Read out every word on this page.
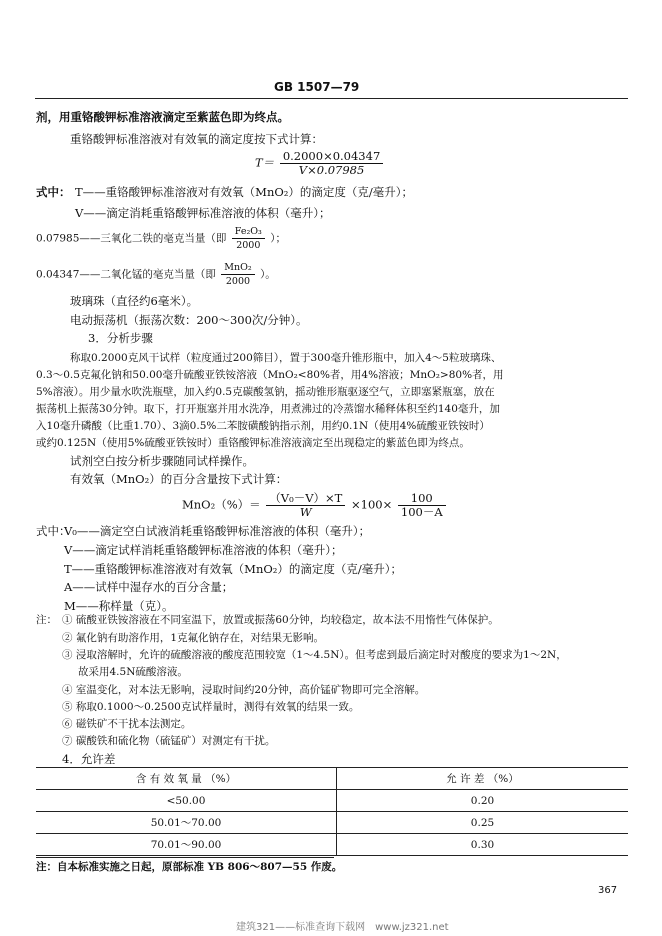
GB 1507—79
剂，用重铬酸钾标准溶液滴定至紫蓝色即为终点。
重铬酸钾标准溶液对有效氧的滴定度按下式计算：
$T= \frac{0.2000\times 0.04347}{V\times 0.07985}$
式中： T——重铬酸钾标准溶液对有效氧（MnO₂）的滴定度（克/毫升）；
V——滴定消耗重铬酸钾标准溶液的体积（毫升）；
0.07985——三氧化二铁的毫克当量（即 $\frac{\text{Fe₂O₃}}{2000}$ ）；
0.04347——二氧化锰的毫克当量（即 $\frac{\text{MnO₂}}{2000}$ ）。
玻璃珠（直径约6毫米）。
电动振荡机（振荡次数：200～300次/分钟）。
3．分析步骤
称取0.2000克风干试样（粒度通过200筛目），置于300毫升锥形瓶中，加入4～5粒玻璃珠、
0.3～0.5克氟化钠和50.00毫升硫酸亚铁铵溶液（MnO₂<80%者，用4%溶液；MnO₂>80%者，用
5%溶液）。用少量水吹洗瓶壁，加入约0.5克碳酸氢钠，摇动锥形瓶驱逐空气，立即塞紧瓶塞，放在
振荡机上振荡30分钟。取下，打开瓶塞并用水洗净，用煮沸过的冷蒸馏水稀释体积至约140毫升，加
入10毫升磷酸（比重1.70）、3滴0.5%二苯胺磺酸钠指示剂，用约0.1N（使用4%硫酸亚铁铵时）
或约0.125N（使用5%硫酸亚铁铵时）重铬酸钾标准溶液滴定至出现稳定的紫蓝色即为终点。
试剂空白按分析步骤随同试样操作。
有效氧（MnO₂）的百分含量按下式计算：
$MnO_2(\%)= \frac{\text{（V₀－V）×T}}{W} \times 100\times \frac{100}{100-A}$
式中：
V₀——滴定空白试液消耗重铬酸钾标准溶液的体积（毫升）；
V——滴定试样消耗重铬酸钾标准溶液的体积（毫升）；
T——重铬酸钾标准溶液对有效氧（MnO₂）的滴定度（克/毫升）；
A——试样中湿存水的百分含量；
M——称样量（克）。
注： ① 硫酸亚铁铵溶液在不同室温下，放置或振荡60分钟，均较稳定，故本法不用惰性气体保护。
② 氟化钠有助溶作用，1克氟化钠存在，对结果无影响。
③ 浸取溶解时，允许的硫酸溶液的酸度范围较宽（1～4.5N）。但考虑到最后滴定时对酸度的要求为1～2N，
故采用4.5N硫酸溶液。
④ 室温变化，对本法无影响，浸取时间约20分钟，高价锰矿物即可完全溶解。
⑤ 称取0.1000～0.2500克试样量时，测得有效氧的结果一致。
⑥ 磁铁矿不干扰本法测定。
⑦ 碳酸铁和硫化物（硫锰矿）对测定有干扰。
4．允许差
含 有 效 氧 量 （%）	允 许 差 （%）
<50.00	0.20
50.01～70.00	0.25
70.01～90.00	0.30
注：自本标准实施之日起，原部标准 YB 806～807—55 作废。
367
建筑321——标准查询下载网　www.jz321.net
